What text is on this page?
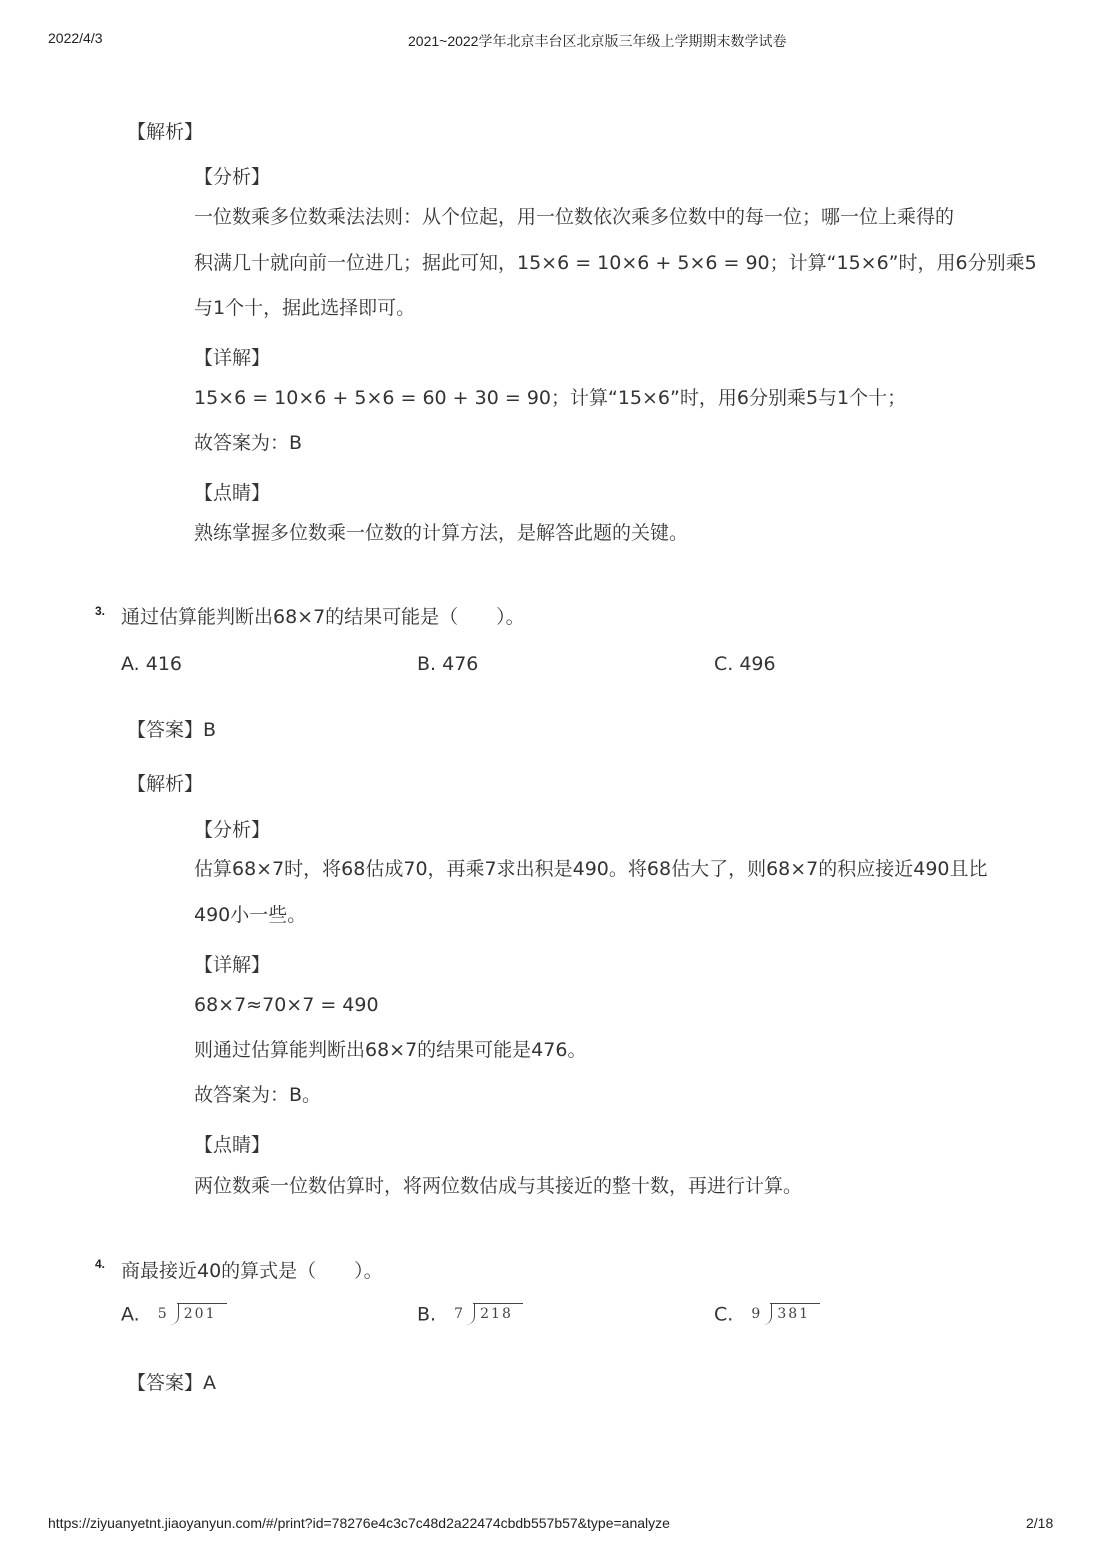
2022/4/3	2021~2022学年北京丰台区北京版三年级上学期期末数学试卷
【解析】
【分析】
一位数乘多位数乘法法则：从个位起，用一位数依次乘多位数中的每一位；哪一位上乘得的
积满几十就向前一位进几；据此可知，15×6 = 10×6 + 5×6 = 90；计算“15×6”时，用6分别乘5
与1个十，据此选择即可。
【详解】
15×6 = 10×6 + 5×6 = 60 + 30 = 90；计算“15×6”时，用6分别乘5与1个十；
故答案为：B
【点睛】
熟练掌握多位数乘一位数的计算方法，是解答此题的关键。
3. 通过估算能判断出68×7的结果可能是（　　）。
A. 416	B. 476	C. 496
【答案】B
【解析】
【分析】
估算68×7时，将68估成70，再乘7求出积是490。将68估大了，则68×7的积应接近490且比
490小一些。
【详解】
68×7≈70×7 = 490
则通过估算能判断出68×7的结果可能是476。
故答案为：B。
【点睛】
两位数乘一位数估算时，将两位数估成与其接近的整十数，再进行计算。
4. 商最接近40的算式是（　　）。
A. 5 201	B. 7 218	C. 9 381
【答案】A
https://ziyuanyetnt.jiaoyanyun.com/#/print?id=78276e4c3c7c48d2a22474cbdb557b57&type=analyze	2/18
